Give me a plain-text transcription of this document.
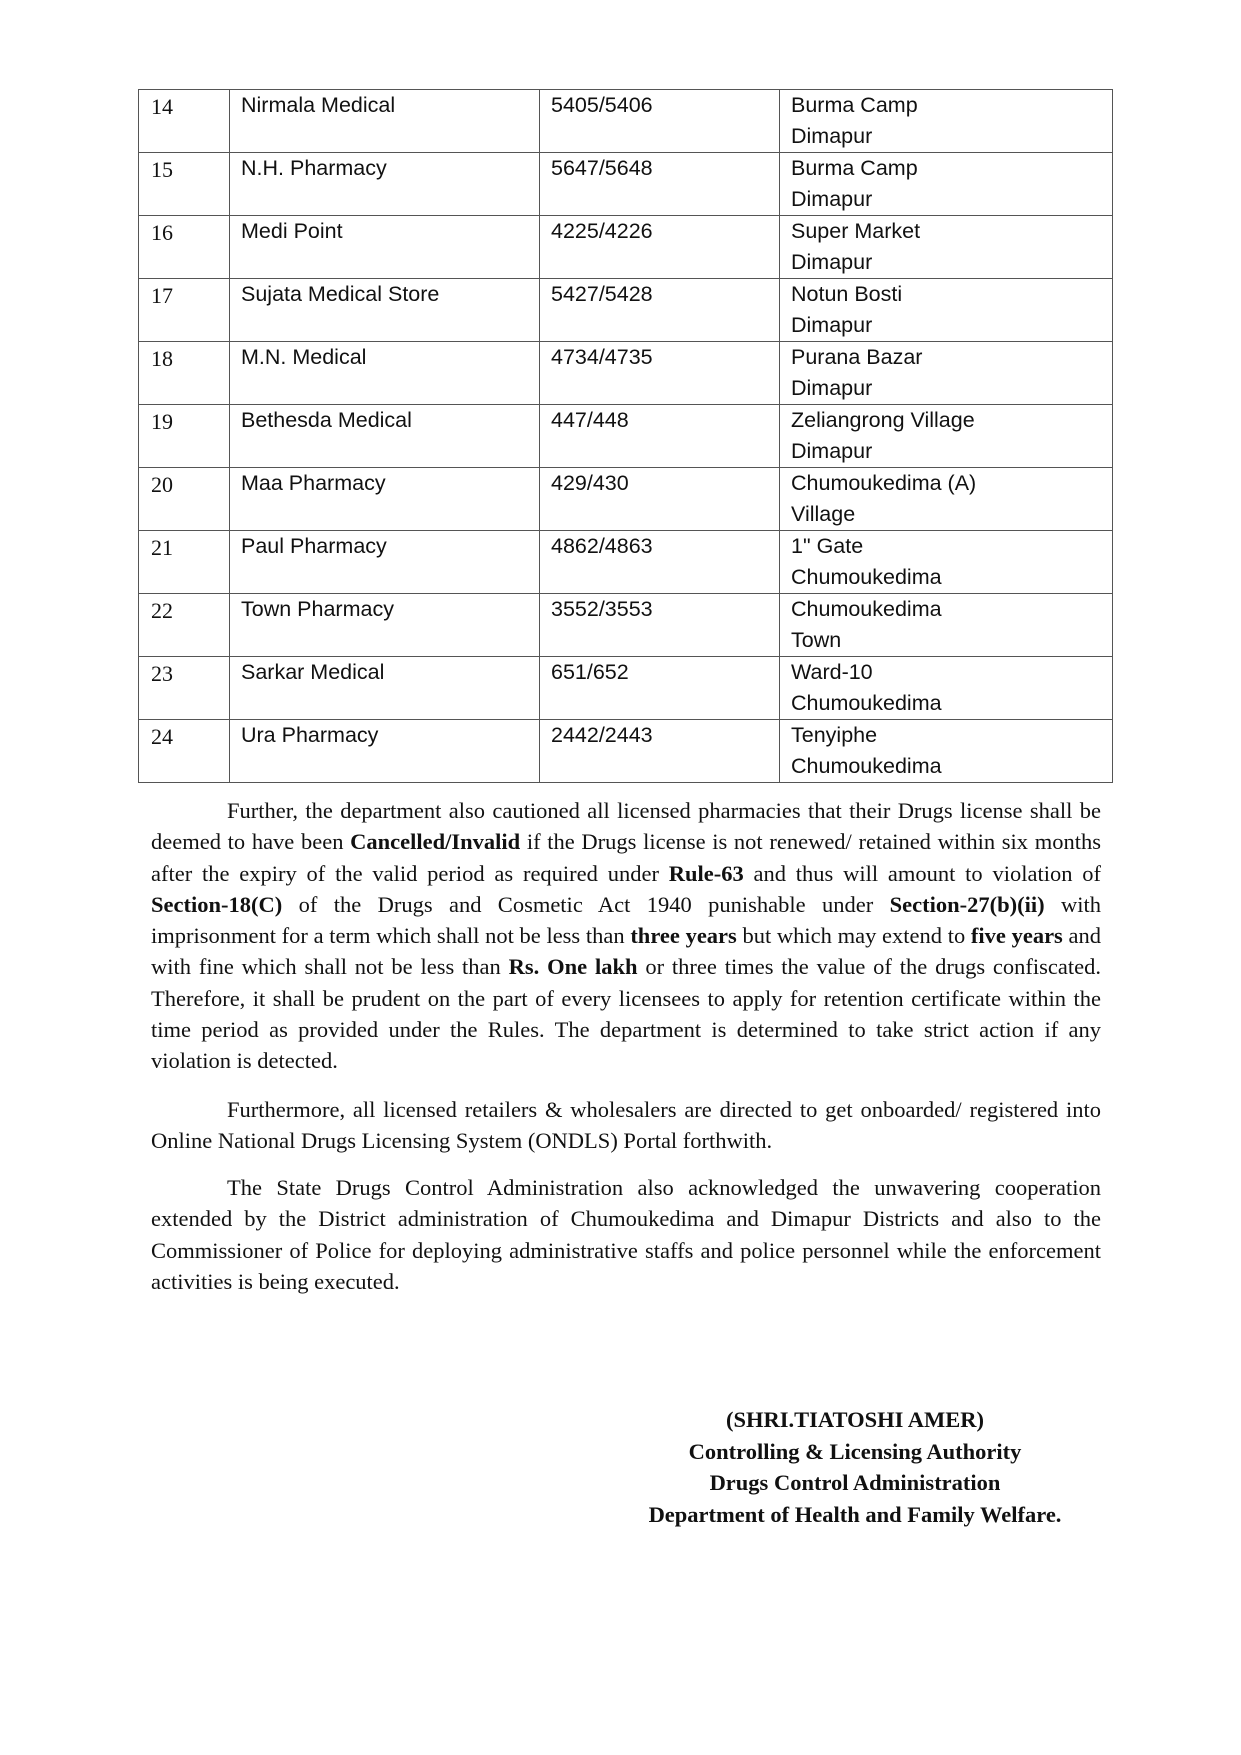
14	Nirmala Medical	5405/5406	Burma Camp
Dimapur

15	N.H. Pharmacy	5647/5648	Burma Camp
Dimapur

16	Medi Point	4225/4226	Super Market
Dimapur

17	Sujata Medical Store	5427/5428	Notun Bosti
Dimapur

18	M.N. Medical	4734/4735	Purana Bazar
Dimapur

19	Bethesda Medical	447/448	Zeliangrong Village
Dimapur

20	Maa Pharmacy	429/430	Chumoukedima (A)
Village

21	Paul Pharmacy	4862/4863	1" Gate
Chumoukedima

22	Town Pharmacy	3552/3553	Chumoukedima
Town

23	Sarkar Medical	651/652	Ward-10
Chumoukedima

24	Ura Pharmacy	2442/2443	Tenyiphe
Chumoukedima

Further, the department also cautioned all licensed pharmacies that their Drugs license shall be deemed to have been Cancelled/Invalid if the Drugs license is not renewed/ retained within six months after the expiry of the valid period as required under Rule-63 and thus will amount to violation of Section-18(C) of the Drugs and Cosmetic Act 1940 punishable under Section-27(b)(ii) with imprisonment for a term which shall not be less than three years but which may extend to five years and with fine which shall not be less than Rs. One lakh or three times the value of the drugs confiscated. Therefore, it shall be prudent on the part of every licensees to apply for retention certificate within the time period as provided under the Rules. The department is determined to take strict action if any violation is detected.

Furthermore, all licensed retailers & wholesalers are directed to get onboarded/ registered into Online National Drugs Licensing System (ONDLS) Portal forthwith.

The State Drugs Control Administration also acknowledged the unwavering cooperation extended by the District administration of Chumoukedima and Dimapur Districts and also to the Commissioner of Police for deploying administrative staffs and police personnel while the enforcement activities is being executed.

(SHRI.TIATOSHI AMER)
Controlling & Licensing Authority
Drugs Control Administration
Department of Health and Family Welfare.
